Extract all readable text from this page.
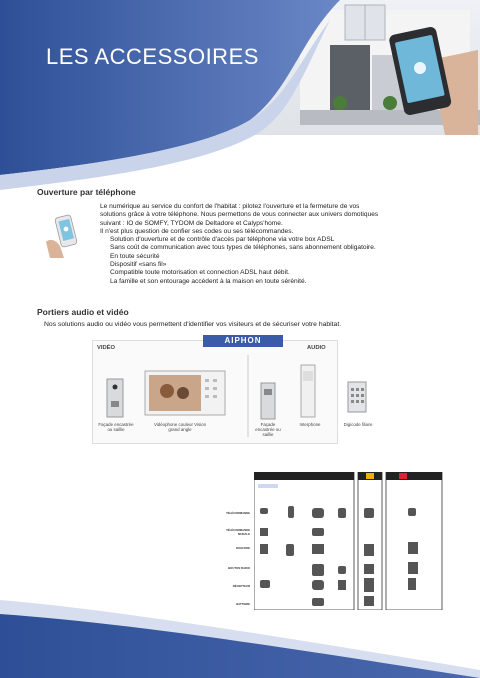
LES ACCESSOIRES
Ouverture par téléphone
Le numérique au service du confort de l'habitat : pilotez l'ouverture et la fermeture de vos
solutions grâce à votre téléphone. Nous permettons de vous connecter aux univers domotiques
suivant : IO de SOMFY, TYDOM de Deltadore et Calyps'home.
Il n'est plus question de confier ses codes ou ses télécommandes.
Solution d'ouverture et de contrôle d'accès par téléphone via votre box ADSL
Sans coût de communication avec tous types de téléphones, sans abonnement obligatoire.
En toute sécurité
Dispositif «sans fil»
Compatible toute motorisation et connection ADSL haut débit.
La famille et son entourage accèdent à la maison en toute sérénité.
Portiers audio et vidéo
Nos solutions audio ou vidéo vous permettent d'identifier vos visiteurs et de sécuriser votre habitat.
VIDÉO	AUDIO
AIPHON
Façade encastrée ou saillie
Vidéophone couleur Vision grand angle
Façade encastrée ou saillie
Interphone	Digicode filaire
TÉLÉCOMMANDE
TÉLÉCOMMANDE MURALE
DIGICODE
BOUTON RADIO
RÉCEPTEUR
BATTERIE
